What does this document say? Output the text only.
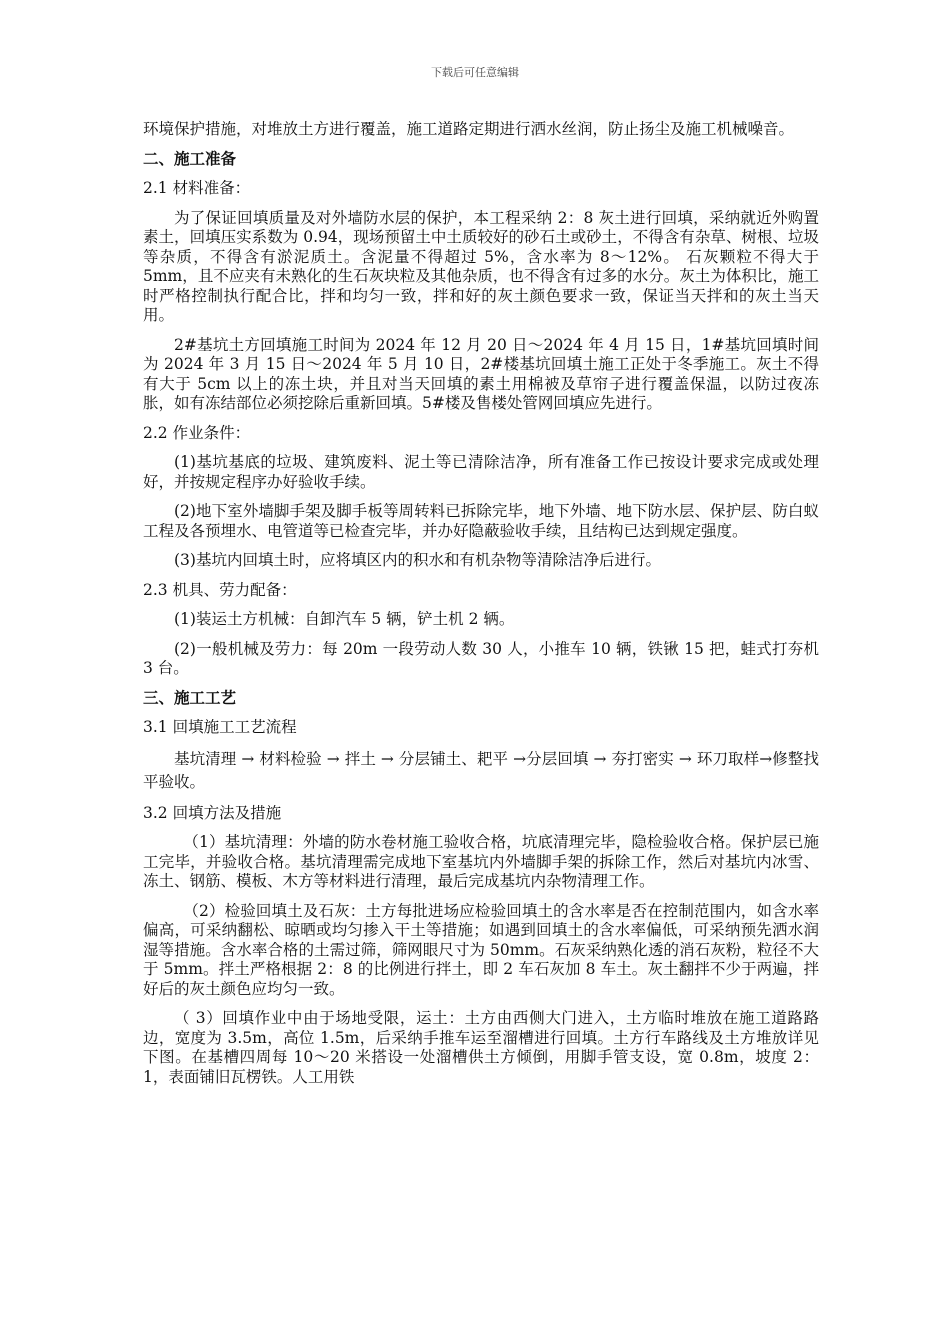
下载后可任意编辑

环境保护措施，对堆放土方进行覆盖，施工道路定期进行洒水丝润，防止扬尘及施工机械噪音。

二、施工准备

2.1 材料准备：

为了保证回填质量及对外墙防水层的保护，本工程采纳 2：8 灰土进行回填，采纳就近外购置素土，回填压实系数为 0.94，现场预留土中土质较好的砂石土或砂土，不得含有杂草、树根、垃圾等杂质，不得含有淤泥质土。含泥量不得超过 5%，含水率为 8～12%。 石灰颗粒不得大于 5mm，且不应夹有未熟化的生石灰块粒及其他杂质，也不得含有过多的水分。灰土为体积比，施工时严格控制执行配合比，拌和均匀一致，拌和好的灰土颜色要求一致，保证当天拌和的灰土当天用。

2#基坑土方回填施工时间为 2024 年 12 月 20 日～2024 年 4 月 15 日，1#基坑回填时间为 2024 年 3 月 15 日～2024 年 5 月 10 日，2#楼基坑回填土施工正处于冬季施工。灰土不得有大于 5cm 以上的冻土块，并且对当天回填的素土用棉被及草帘子进行覆盖保温，以防过夜冻胀，如有冻结部位必须挖除后重新回填。5#楼及售楼处管网回填应先进行。

2.2 作业条件：

(1)基坑基底的垃圾、建筑废料、泥土等已清除洁净，所有准备工作已按设计要求完成或处理好，并按规定程序办好验收手续。

(2)地下室外墙脚手架及脚手板等周转料已拆除完毕，地下外墙、地下防水层、保护层、防白蚁工程及各预埋水、电管道等已检查完毕，并办好隐蔽验收手续，且结构已达到规定强度。

(3)基坑内回填土时，应将填区内的积水和有机杂物等清除洁净后进行。

2.3 机具、劳力配备：

(1)装运土方机械：自卸汽车 5 辆，铲土机 2 辆。

(2)一般机械及劳力：每 20m 一段劳动人数 30 人，小推车 10 辆，铁锹 15 把，蛙式打夯机 3 台。

三、施工工艺

3.1 回填施工工艺流程

基坑清理 → 材料检验 → 拌土 → 分层铺土、耙平 →分层回填 → 夯打密实 → 环刀取样→修整找平验收。

3.2 回填方法及措施

（1）基坑清理：外墙的防水卷材施工验收合格，坑底清理完毕，隐检验收合格。保护层已施工完毕，并验收合格。基坑清理需完成地下室基坑内外墙脚手架的拆除工作，然后对基坑内冰雪、冻土、钢筋、模板、木方等材料进行清理，最后完成基坑内杂物清理工作。

（2）检验回填土及石灰：土方每批进场应检验回填土的含水率是否在控制范围内，如含水率偏高，可采纳翻松、晾晒或均匀掺入干土等措施；如遇到回填土的含水率偏低，可采纳预先洒水润湿等措施。含水率合格的土需过筛，筛网眼尺寸为 50mm。石灰采纳熟化透的消石灰粉，粒径不大于 5mm。拌土严格根据 2：8 的比例进行拌土，即 2 车石灰加 8 车土。灰土翻拌不少于两遍，拌好后的灰土颜色应均匀一致。

（ 3）回填作业中由于场地受限，运土：土方由西侧大门进入，土方临时堆放在施工道路路边，宽度为 3.5m，高位 1.5m，后采纳手推车运至溜槽进行回填。土方行车路线及土方堆放详见下图。在基槽四周每 10～20 米搭设一处溜槽供土方倾倒，用脚手管支设，宽 0.8m，坡度 2：1，表面铺旧瓦楞铁。人工用铁
